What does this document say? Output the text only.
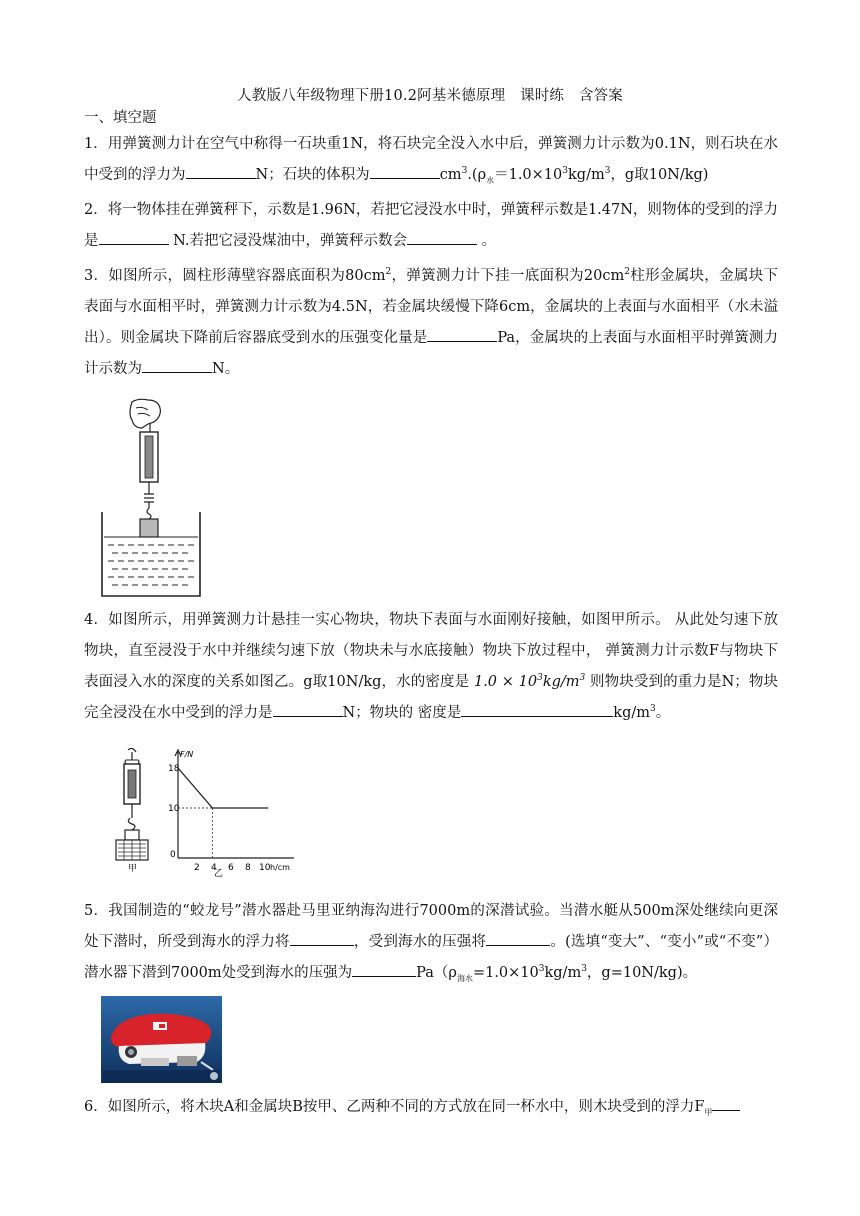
人教版八年级物理下册10.2阿基米德原理　课时练　含答案
一、填空题
1．用弹簧测力计在空气中称得一石块重1N，将石块完全没入水中后，弹簧测力计示数为0.1N，则石块在水中受到的浮力为	N；石块的体积为	$cm^3.(\rho_水=1.0\times 10^3kg/m^3$，g取10N/kg)
2．将一物体挂在弹簧秤下，示数是1.96N，若把它浸没水中时，弹簧秤示数是1.47N，则物体的受到的浮力是	N.若把它浸没煤油中，弹簧秤示数会	。
3．如图所示，圆柱形薄壁容器底面积为$80cm^2$，弹簧测力计下挂一底面积为$20cm^2$柱形金属块，金属块下表面与水面相平时，弹簧测力计示数为4.5N，若金属块缓慢下降6cm，金属块的上表面与水面相平（水未溢出）。则金属块下降前后容器底受到水的压强变化量是	Pa，金属块的上表面与水面相平时弹簧测力计示数为	N。
4．如图所示，用弹簧测力计悬挂一实心物块，物块下表面与水面刚好接触，如图甲所示。 从此处匀速下放物块，直至浸没于水中并继续匀速下放（物块未与水底接触）物块下放过程中， 弹簧测力计示数F与物块下表面浸入水的深度的关系如图乙。g取10N/kg，水的密度是 $1.0 \times 10^3kg/m^3$ 则物块受到的重力是N；物块完全浸没在水中受到的浮力是	N；物块的 密度是	$kg/m^3$。
甲
F/N
18
10
0
2 4 6 8 10 h/cm
乙
5．我国制造的“蛟龙号”潜水器赴马里亚纳海沟进行7000m的深潜试验。当潜水艇从500m深处继续向更深处下潜时，所受到海水的浮力将	，受到海水的压强将	。(选填“变大”、“变小”或“不变”）潜水器下潜到7000m处受到海水的压强为	$Pa(\rho_{海水}=1.0\times 10^3kg/m^3$，g=10N/kg)。
6．如图所示，将木块A和金属块B按甲、乙两种不同的方式放在同一杯水中，则木块受到的浮力$F_甲$
